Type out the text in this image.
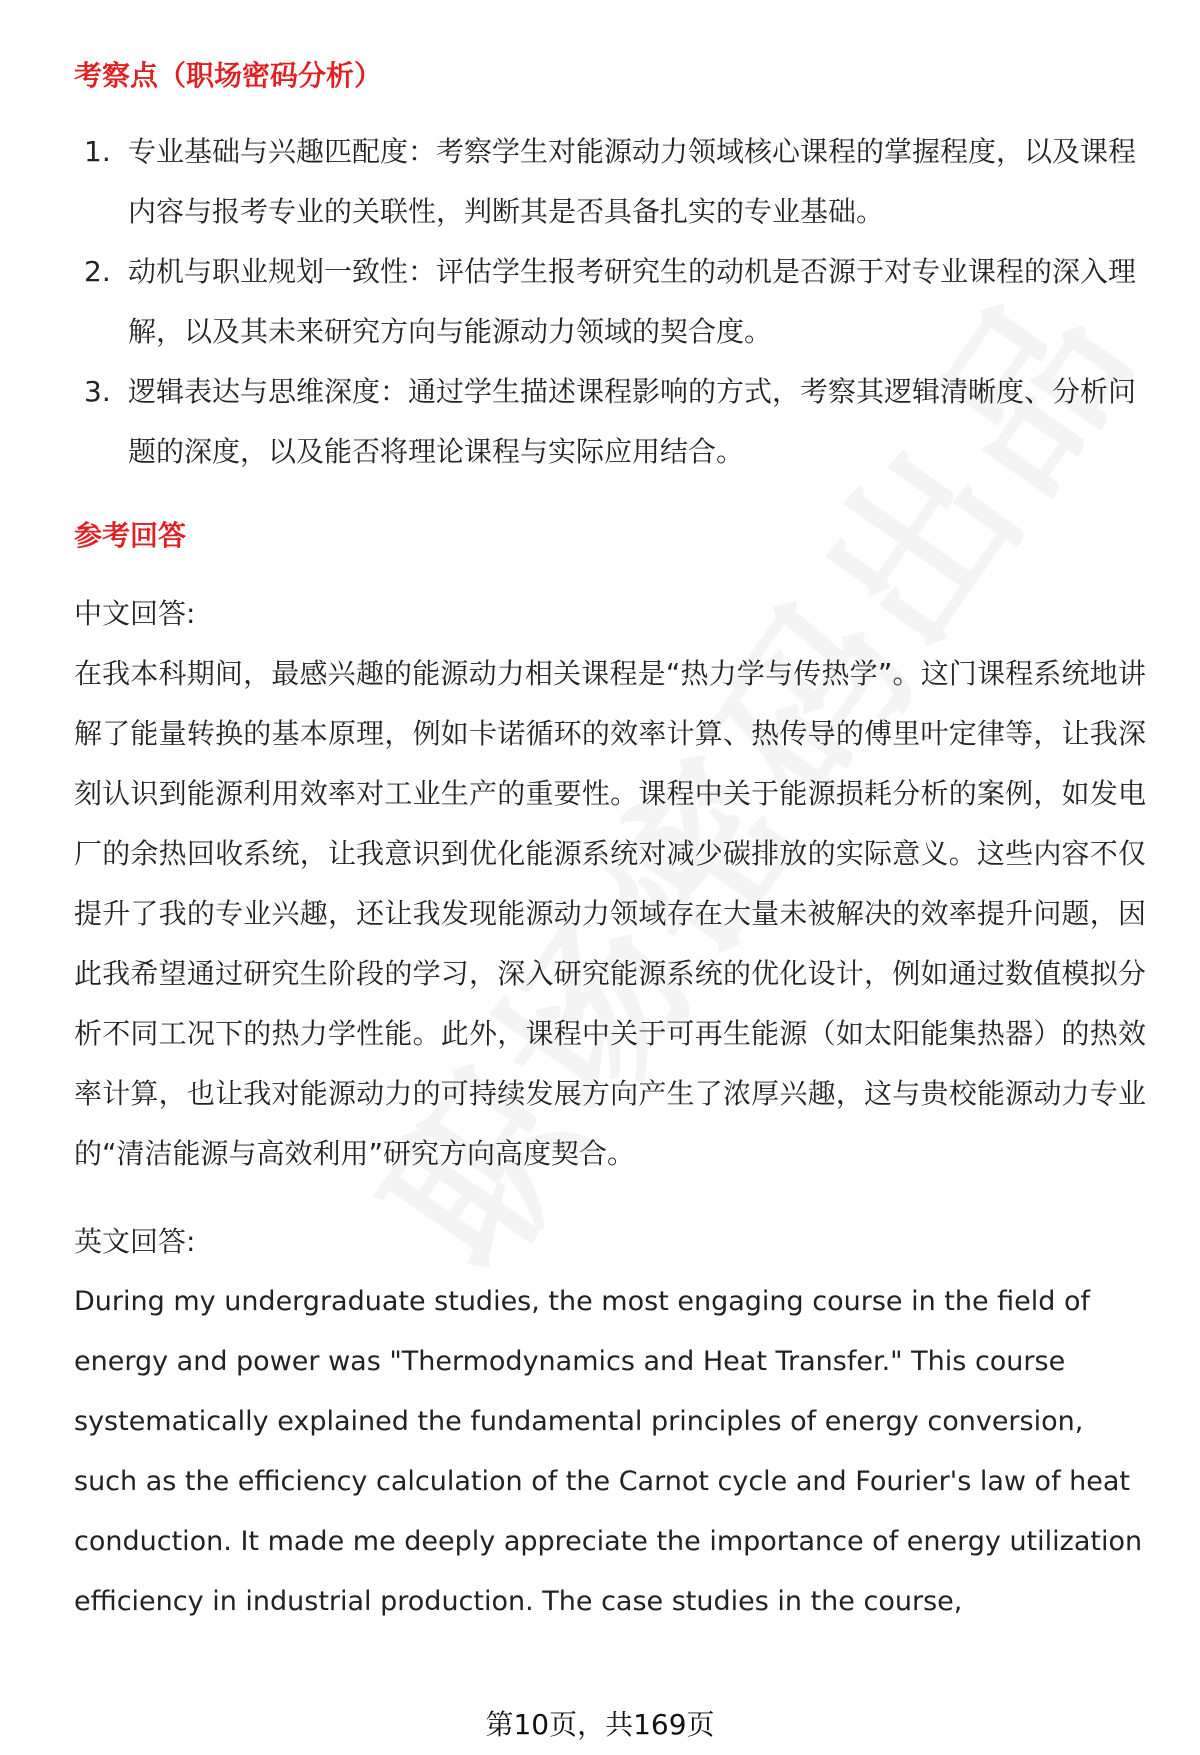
考察点（职场密码分析）
1. 专业基础与兴趣匹配度：考察学生对能源动力领域核心课程的掌握程度，以及课程内容与报考专业的关联性，判断其是否具备扎实的专业基础。
2. 动机与职业规划一致性：评估学生报考研究生的动机是否源于对专业课程的深入理解，以及其未来研究方向与能源动力领域的契合度。
3. 逻辑表达与思维深度：通过学生描述课程影响的方式，考察其逻辑清晰度、分析问题的深度，以及能否将理论课程与实际应用结合。
参考回答
中文回答:

在我本科期间，最感兴趣的能源动力相关课程是“热力学与传热学”。这门课程系统地讲解了能量转换的基本原理，例如卡诺循环的效率计算、热传导的傅里叶定律等，让我深刻认识到能源利用效率对工业生产的重要性。课程中关于能源损耗分析的案例，如发电厂的余热回收系统，让我意识到优化能源系统对减少碳排放的实际意义。这些内容不仅提升了我的专业兴趣，还让我发现能源动力领域存在大量未被解决的效率提升问题，因此我希望通过研究生阶段的学习，深入研究能源系统的优化设计，例如通过数值模拟分析不同工况下的热力学性能。此外，课程中关于可再生能源（如太阳能集热器）的热效率计算，也让我对能源动力的可持续发展方向产生了浓厚兴趣，这与贵校能源动力专业的“清洁能源与高效利用”研究方向高度契合。

英文回答:

During my undergraduate studies, the most engaging course in the field of energy and power was "Thermodynamics and Heat Transfer." This course systematically explained the fundamental principles of energy conversion, such as the efficiency calculation of the Carnot cycle and Fourier's law of heat conduction. It made me deeply appreciate the importance of energy utilization efficiency in industrial production. The case studies in the course,

第10页，共169页
